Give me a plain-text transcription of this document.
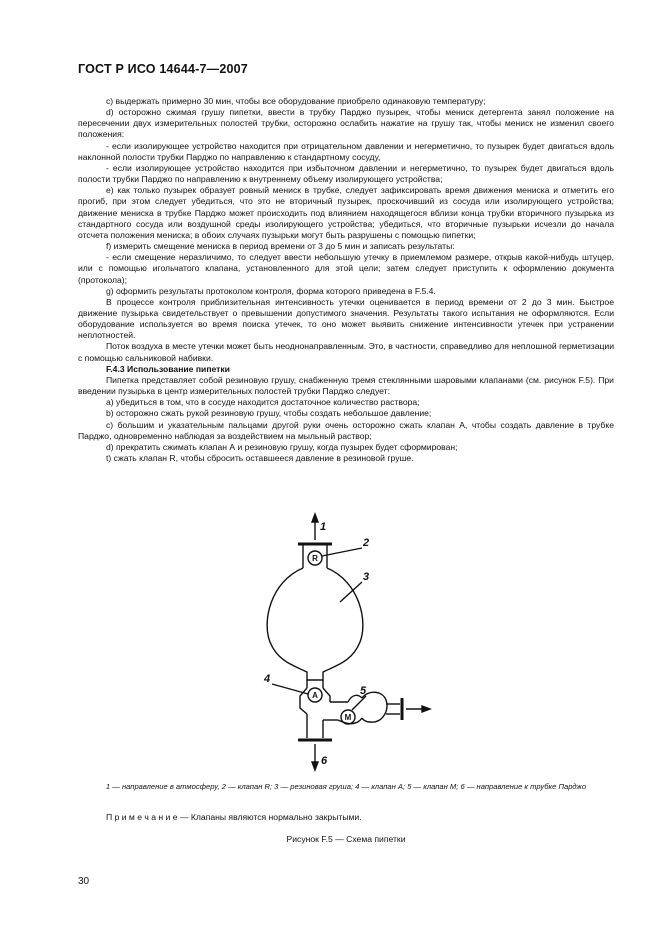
ГОСТ Р ИСО 14644-7—2007

c) выдержать примерно 30 мин, чтобы все оборудование приобрело одинаковую температуру;

d) осторожно сжимая грушу пипетки, ввести в трубку Парджо пузырек, чтобы мениск детергента занял положение на пересечении двух измерительных полостей трубки, осторожно ослабить нажатие на грушу так, чтобы мениск не изменил своего положения:

- если изолирующее устройство находится при отрицательном давлении и негерметично, то пузырек будет двигаться вдоль наклонной полости трубки Парджо по направлению к стандартному сосуду,

- если изолирующее устройство находится при избыточном давлении и негерметично, то пузырек будет двигаться вдоль полости трубки Парджо по направлению к внутреннему объему изолирующего устройства;

e) как только пузырек образует ровный мениск в трубке, следует зафиксировать время движения мениска и отметить его прогиб, при этом следует убедиться, что это не вторичный пузырек, проскочивший из сосуда или изолирующего устройства; движение мениска в трубке Парджо может происходить под влиянием находящегося вблизи конца трубки вторичного пузырька из стандартного сосуда или воздушной среды изолирующего устройства; убедиться, что вторичные пузырьки исчезли до начала отсчета положения мениска; в обоих случаях пузырьки могут быть разрушены с помощью пипетки;

f) измерить смещение мениска в период времени от 3 до 5 мин и записать результаты:

- если смещение неразличимо, то следует ввести небольшую утечку в приемлемом размере, открыв какой-нибудь штуцер, или с помощью игольчатого клапана, установленного для этой цели; затем следует приступить к оформлению документа (протокола);

g) оформить результаты протоколом контроля, форма которого приведена в F.5.4.

В процессе контроля приблизительная интенсивность утечки оценивается в период времени от 2 до 3 мин. Быстрое движение пузырька свидетельствует о превышении допустимого значения. Результаты такого испытания не оформляются. Если оборудование используется во время поиска утечек, то оно может выявить снижение интенсивности утечек при устранении неплотностей.

Поток воздуха в месте утечки может быть неоднонаправленным. Это, в частности, справедливо для неплошной герметизации с помощью сальниковой набивки.

F.4.3 Использование пипетки

Пипетка представляет собой резиновую грушу, снабженную тремя стеклянными шаровыми клапанами (см. рисунок F.5). При введении пузырька в центр измерительных полостей трубки Парджо следует:

a) убедиться в том, что в сосуде находится достаточное количество раствора;

b) осторожно сжать рукой резиновую грушу, чтобы создать небольшое давление;

c) большим и указательным пальцами другой руки очень осторожно сжать клапан А, чтобы создать давление в трубке Парджо, одновременно наблюдая за воздействием на мыльный раствор;

d) прекратить сжимать клапан А и резиновую грушу, когда пузырек будет сформирован;

t) сжать клапан R, чтобы сбросить оставшееся давление в резиновой груше.

1
2
3
4
5
6
R
A
M
1 — направление в атмосферу, 2 — клапан R; 3 — резиновая груша; 4 — клапан А; 5 — клапан М; 6 — направление к трубке Парджо
П р и м е ч а н и е — Клапаны являются нормально закрытыми.
Рисунок F.5 — Схема пипетки
30
